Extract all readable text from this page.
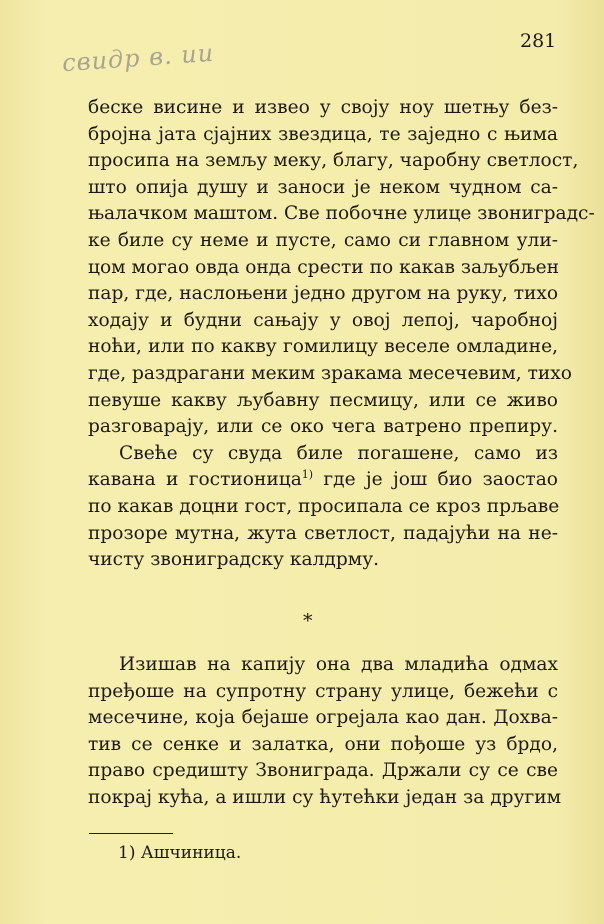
свидр в. ии	281
беске висине и извео у своју ноу шетњу без-
бројна јата сјајних звездица, те заједно с њима
просипа на земљу меку, благу, чаробну светлост,
што опија душу и заноси је неком чудном са-
њалачком маштом. Све побочне улице звониградс-
ке биле су неме и пусте, само си главном ули-
цом могао овда онда срести по какав заљубљен
пар, где, наслоњени једно другом на руку, тихо
ходају и будни сањају у овој лепој, чаробној
ноћи, или по какву гомилицу веселе омладине,
где, раздрагани меким зракама месечевим, тихо
певуше какву љубавну песмицу, или се живо
разговарају, или се око чега ватрено препиру.
Свеће су свуда биле погашене, само из
кавана и гостионица$^{1)}$ где је још био заостао
по какав доцни гост, просипала се кроз прљаве
прозоре мутна, жута светлост, падајући на не-
чисту звониградску калдрму.
*
Изишав на капију она два младића одмах
пређоше на супротну страну улице, бежећи с
месечине, која бејаше огрејала као дан. Дохва-
тив се сенке и залатка, они пођоше уз брдо,
право средишту Звониграда. Држали су се све
покрај кућа, а ишли су ћутећки један за другим
1) Ашчиница.
